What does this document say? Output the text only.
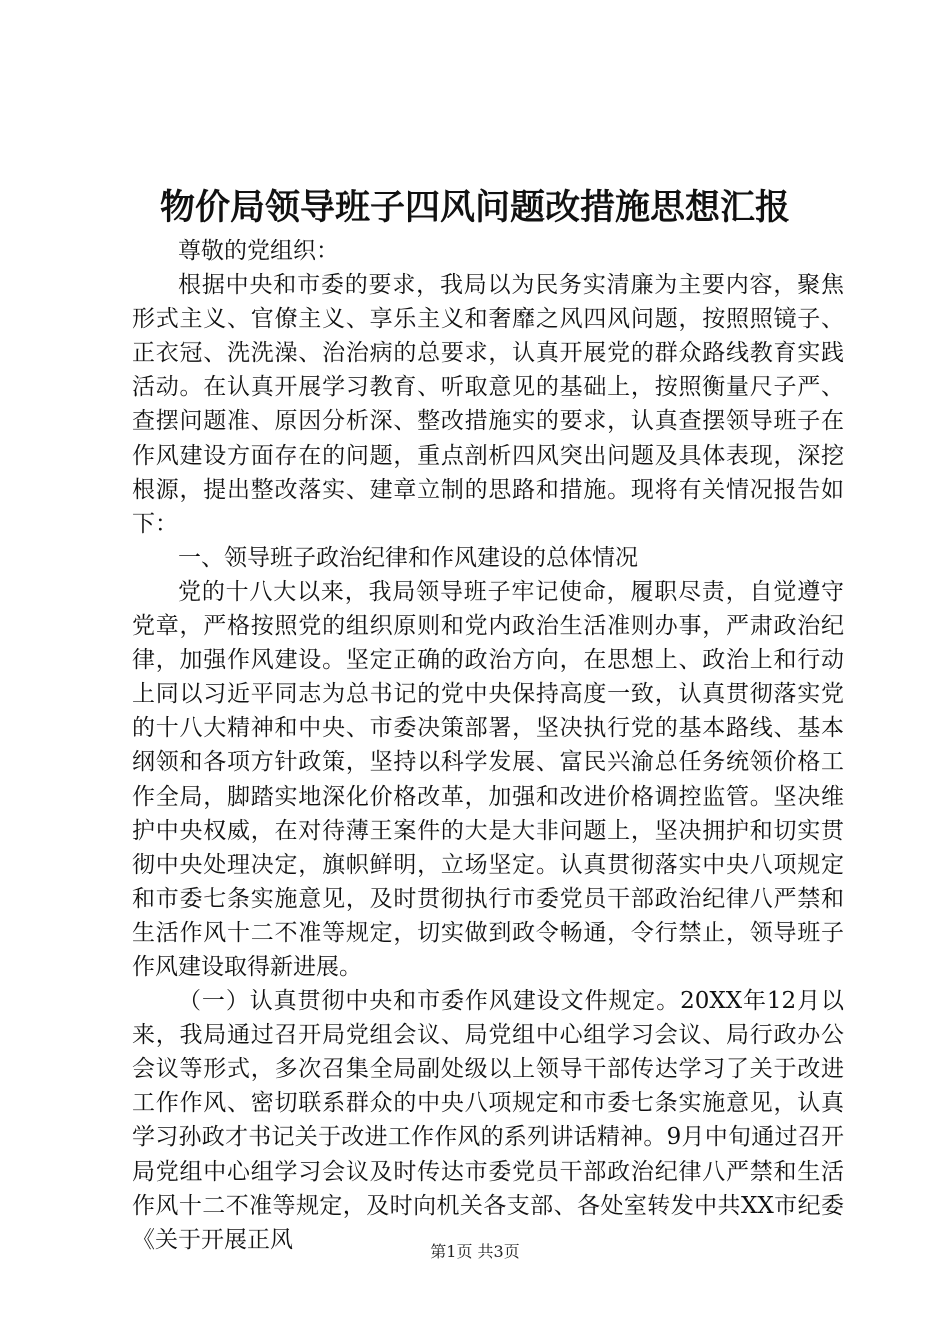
物价局领导班子四风问题改措施思想汇报

尊敬的党组织：

根据中央和市委的要求，我局以为民务实清廉为主要内容，聚焦形式主义、官僚主义、享乐主义和奢靡之风四风问题，按照照镜子、正衣冠、洗洗澡、治治病的总要求，认真开展党的群众路线教育实践活动。在认真开展学习教育、听取意见的基础上，按照衡量尺子严、查摆问题准、原因分析深、整改措施实的要求，认真查摆领导班子在作风建设方面存在的问题，重点剖析四风突出问题及具体表现，深挖根源，提出整改落实、建章立制的思路和措施。现将有关情况报告如下：

一、领导班子政治纪律和作风建设的总体情况

党的十八大以来，我局领导班子牢记使命，履职尽责，自觉遵守党章，严格按照党的组织原则和党内政治生活准则办事，严肃政治纪律，加强作风建设。坚定正确的政治方向，在思想上、政治上和行动上同以习近平同志为总书记的党中央保持高度一致，认真贯彻落实党的十八大精神和中央、市委决策部署，坚决执行党的基本路线、基本纲领和各项方针政策，坚持以科学发展、富民兴渝总任务统领价格工作全局，脚踏实地深化价格改革，加强和改进价格调控监管。坚决维护中央权威，在对待薄王案件的大是大非问题上，坚决拥护和切实贯彻中央处理决定，旗帜鲜明，立场坚定。认真贯彻落实中央八项规定和市委七条实施意见，及时贯彻执行市委党员干部政治纪律八严禁和生活作风十二不准等规定，切实做到政令畅通，令行禁止，领导班子作风建设取得新进展。

（一）认真贯彻中央和市委作风建设文件规定。20XX年12月以来，我局通过召开局党组会议、局党组中心组学习会议、局行政办公会议等形式，多次召集全局副处级以上领导干部传达学习了关于改进工作作风、密切联系群众的中央八项规定和市委七条实施意见，认真学习孙政才书记关于改进工作作风的系列讲话精神。9月中旬通过召开局党组中心组学习会议及时传达市委党员干部政治纪律八严禁和生活作风十二不准等规定，及时向机关各支部、各处室转发中共XX市纪委《关于开展正风	第1页 共3页
